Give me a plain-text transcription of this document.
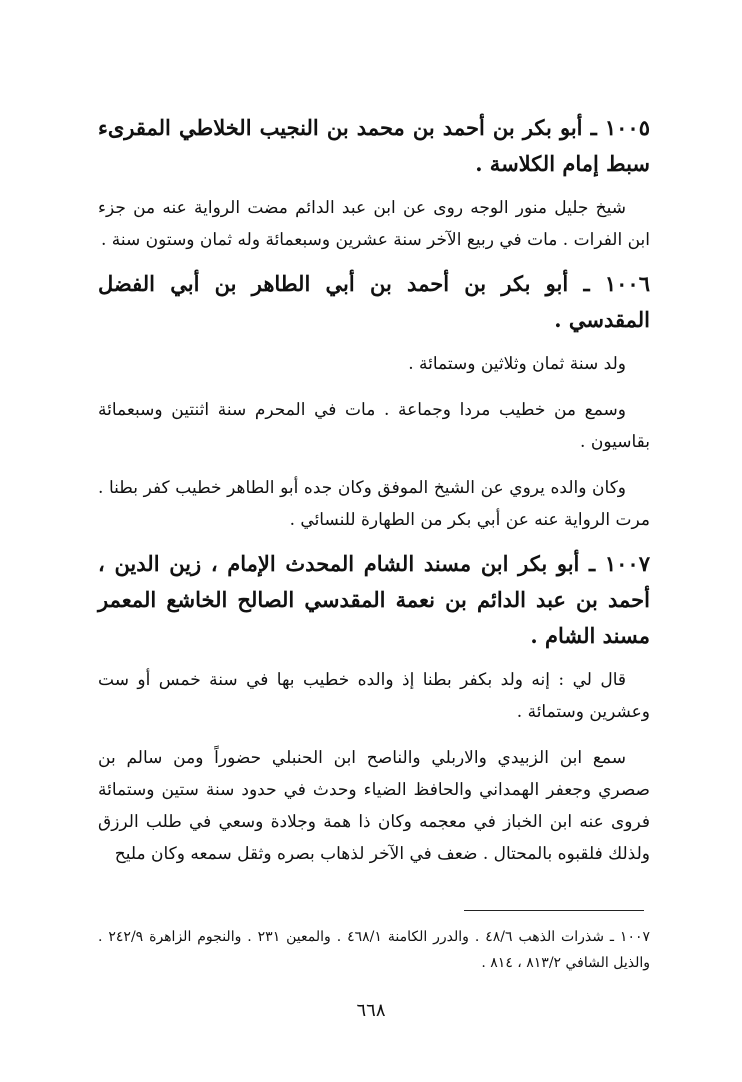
١٠٠٥ ـ أبو بكر بن أحمد بن محمد بن النجيب الخلاطي المقرىء سبط إمام الكلاسة .

شيخ جليل منور الوجه روى عن ابن عبد الدائم مضت الرواية عنه من جزء ابن الفرات . مات في ربيع الآخر سنة عشرين وسبعمائة وله ثمان وستون سنة .

١٠٠٦ ـ أبو بكر بن أحمد بن أبي الطاهر بن أبي الفضل المقدسي .

ولد سنة ثمان وثلاثين وستمائة .

وسمع من خطيب مردا وجماعة . مات في المحرم سنة اثنتين وسبعمائة بقاسيون .

وكان والده يروي عن الشيخ الموفق وكان جده أبو الطاهر خطيب كفر بطنا . مرت الرواية عنه عن أبي بكر من الطهارة للنسائي .

١٠٠٧ ـ أبو بكر ابن مسند الشام المحدث الإمام ، زين الدين ، أحمد بن عبد الدائم بن نعمة المقدسي الصالح الخاشع المعمر مسند الشام .

قال لي : إنه ولد بكفر بطنا إذ والده خطيب بها في سنة خمس أو ست وعشرين وستمائة .

سمع ابن الزبيدي والاربلي والناصح ابن الحنبلي حضوراً ومن سالم بن صصري وجعفر الهمداني والحافظ الضياء وحدث في حدود سنة ستين وستمائة فروى عنه ابن الخباز في معجمه وكان ذا همة وجلادة وسعي في طلب الرزق ولذلك فلقبوه بالمحتال . ضعف في الآخر لذهاب بصره وثقل سمعه وكان مليح

١٠٠٧ ـ شذرات الذهب ٤٨/٦ . والدرر الكامنة ٤٦٨/١ . والمعين ٢٣١ . والنجوم الزاهرة ٢٤٢/٩ . والذيل الشافي ٨١٣/٢ ، ٨١٤ .

٦٦٨
